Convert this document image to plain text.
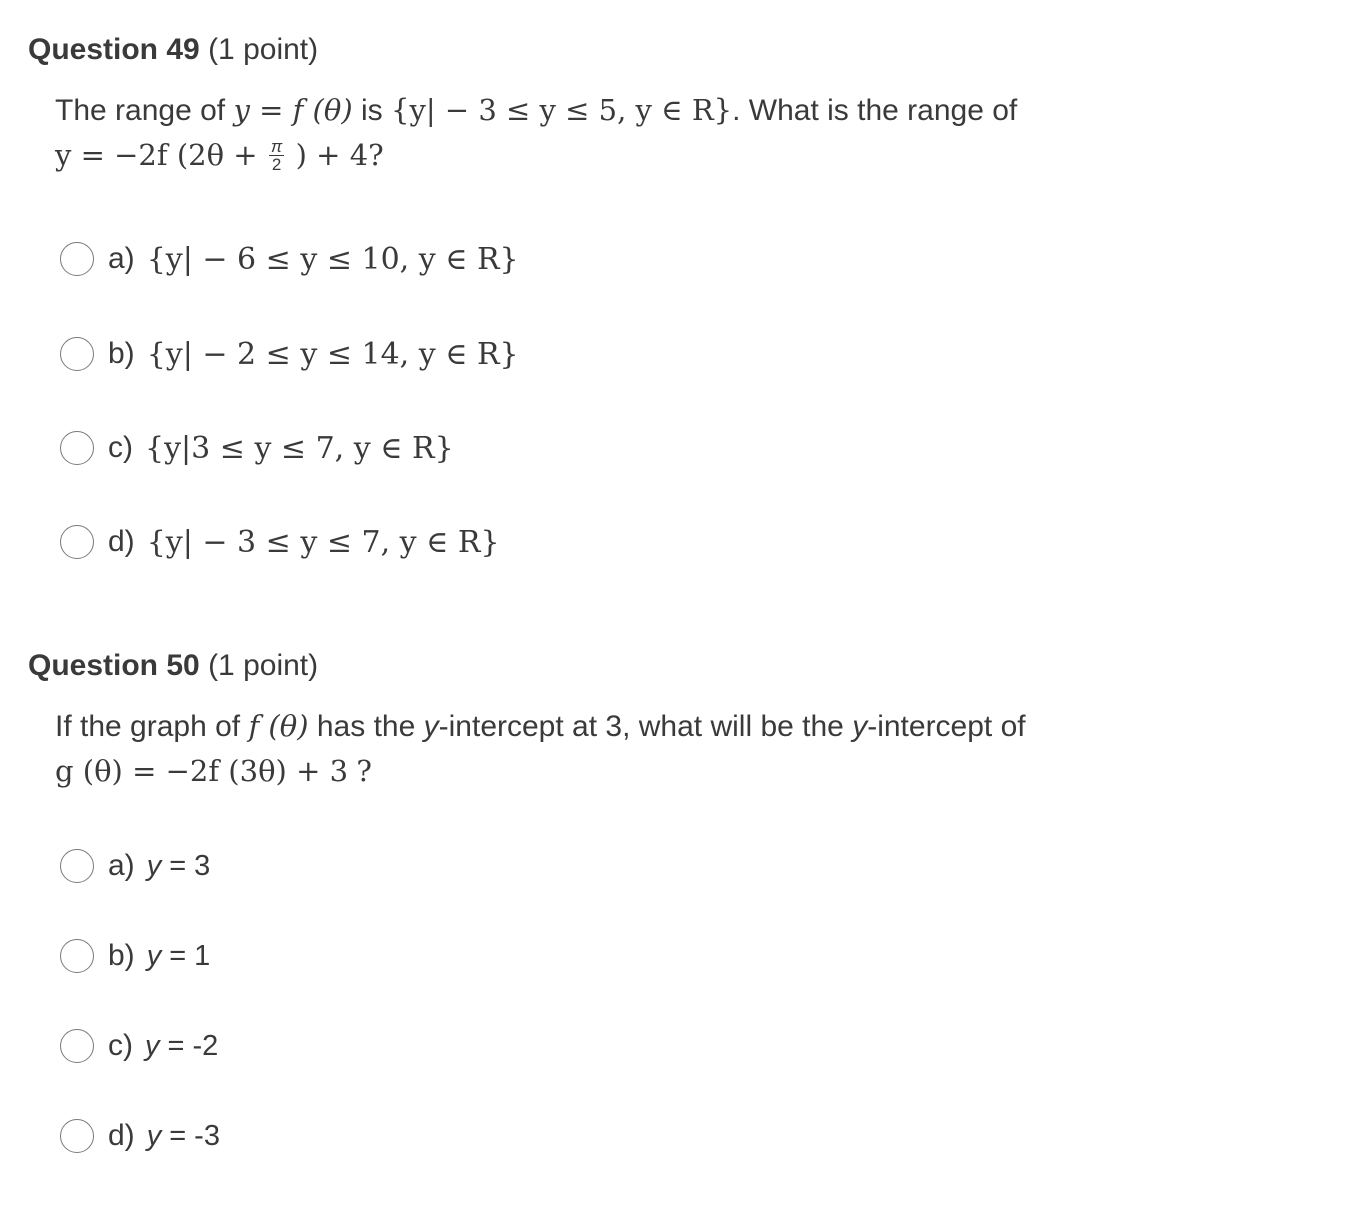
Question 49 (1 point)
The range of y = f (θ) is {y| − 3 ≤ y ≤ 5, y ∈ R}. What is the range of
y = −2f ($2\theta + \frac{\pi}{2}$ ) + 4?
a) {y| − 6 ≤ y ≤ 10, y ∈ R}
b) {y| − 2 ≤ y ≤ 14, y ∈ R}
c) {y|3 ≤ y ≤ 7, y ∈ R}
d) {y| − 3 ≤ y ≤ 7, y ∈ R}
Question 50 (1 point)
If the graph of f (θ) has the y-intercept at 3, what will be the y-intercept of
g (θ) = −2f (3θ) + 3 ?
a) y = 3
b) y = 1
c) y = -2
d) y = -3
